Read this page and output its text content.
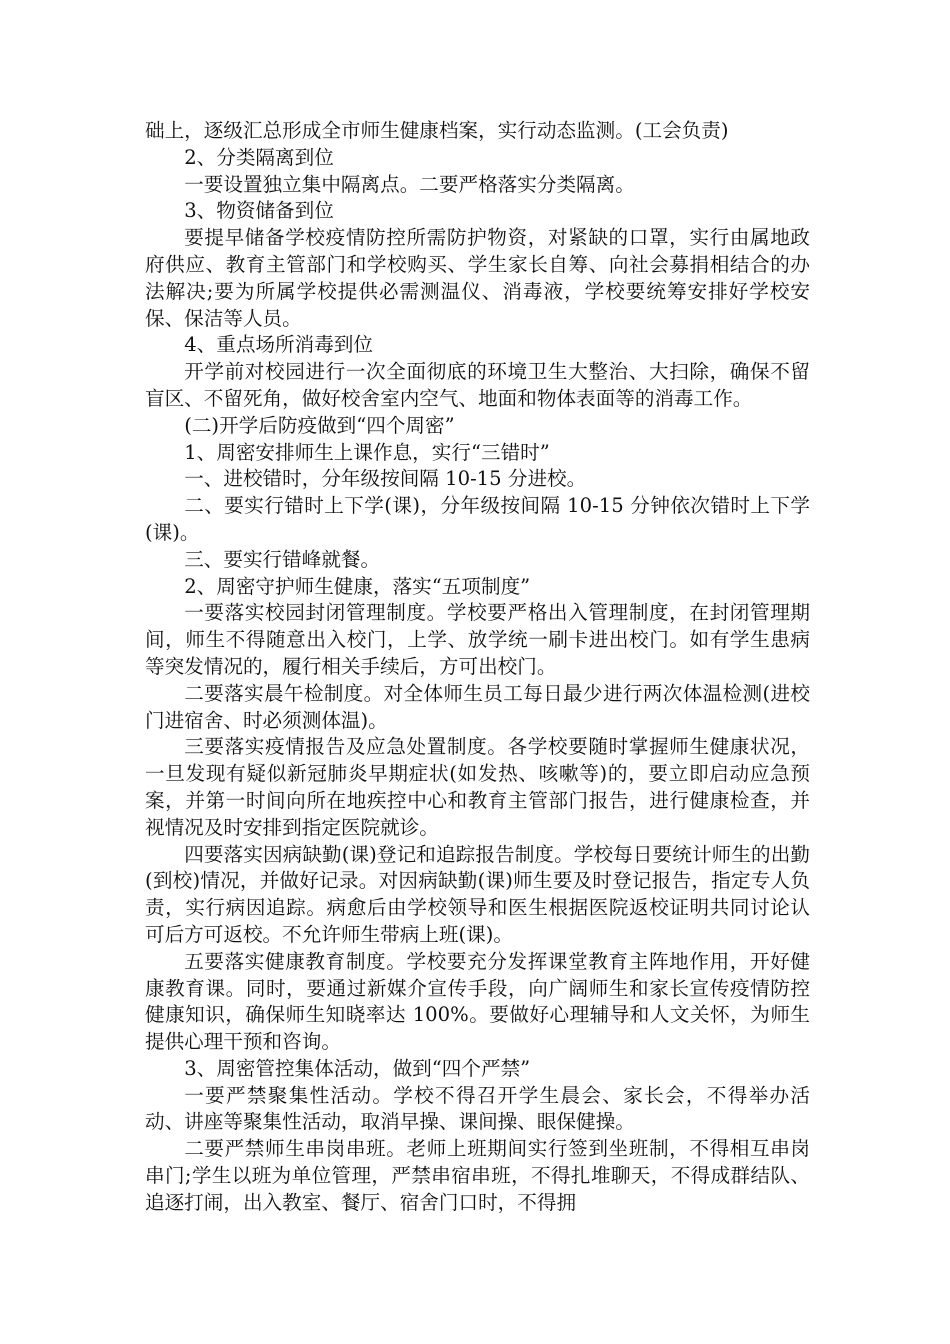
础上，逐级汇总形成全市师生健康档案，实行动态监测。(工会负责)

2、分类隔离到位

一要设置独立集中隔离点。二要严格落实分类隔离。

3、物资储备到位

要提早储备学校疫情防控所需防护物资，对紧缺的口罩，实行由属地政府供应、教育主管部门和学校购买、学生家长自筹、向社会募捐相结合的办法解决;要为所属学校提供必需测温仪、消毒液，学校要统筹安排好学校安保、保洁等人员。

4、重点场所消毒到位

开学前对校园进行一次全面彻底的环境卫生大整治、大扫除，确保不留盲区、不留死角，做好校舍室内空气、地面和物体表面等的消毒工作。

(二)开学后防疫做到“四个周密”

1、周密安排师生上课作息，实行“三错时”

一、进校错时，分年级按间隔 10-15 分进校。

二、要实行错时上下学(课)，分年级按间隔 10-15 分钟依次错时上下学(课)。

三、要实行错峰就餐。

2、周密守护师生健康，落实“五项制度”

一要落实校园封闭管理制度。学校要严格出入管理制度，在封闭管理期间，师生不得随意出入校门，上学、放学统一刷卡进出校门。如有学生患病等突发情况的，履行相关手续后，方可出校门。

二要落实晨午检制度。对全体师生员工每日最少进行两次体温检测(进校门进宿舍、时必须测体温)。

三要落实疫情报告及应急处置制度。各学校要随时掌握师生健康状况，一旦发现有疑似新冠肺炎早期症状(如发热、咳嗽等)的，要立即启动应急预案，并第一时间向所在地疾控中心和教育主管部门报告，进行健康检查，并视情况及时安排到指定医院就诊。

四要落实因病缺勤(课)登记和追踪报告制度。学校每日要统计师生的出勤(到校)情况，并做好记录。对因病缺勤(课)师生要及时登记报告，指定专人负责，实行病因追踪。病愈后由学校领导和医生根据医院返校证明共同讨论认可后方可返校。不允许师生带病上班(课)。

五要落实健康教育制度。学校要充分发挥课堂教育主阵地作用，开好健康教育课。同时，要通过新媒介宣传手段，向广阔师生和家长宣传疫情防控健康知识，确保师生知晓率达 100%。要做好心理辅导和人文关怀，为师生提供心理干预和咨询。

3、周密管控集体活动，做到“四个严禁”

一要严禁聚集性活动。学校不得召开学生晨会、家长会，不得举办活动、讲座等聚集性活动，取消早操、课间操、眼保健操。

二要严禁师生串岗串班。老师上班期间实行签到坐班制，不得相互串岗串门;学生以班为单位管理，严禁串宿串班，不得扎堆聊天，不得成群结队、追逐打闹，出入教室、餐厅、宿舍门口时，不得拥
